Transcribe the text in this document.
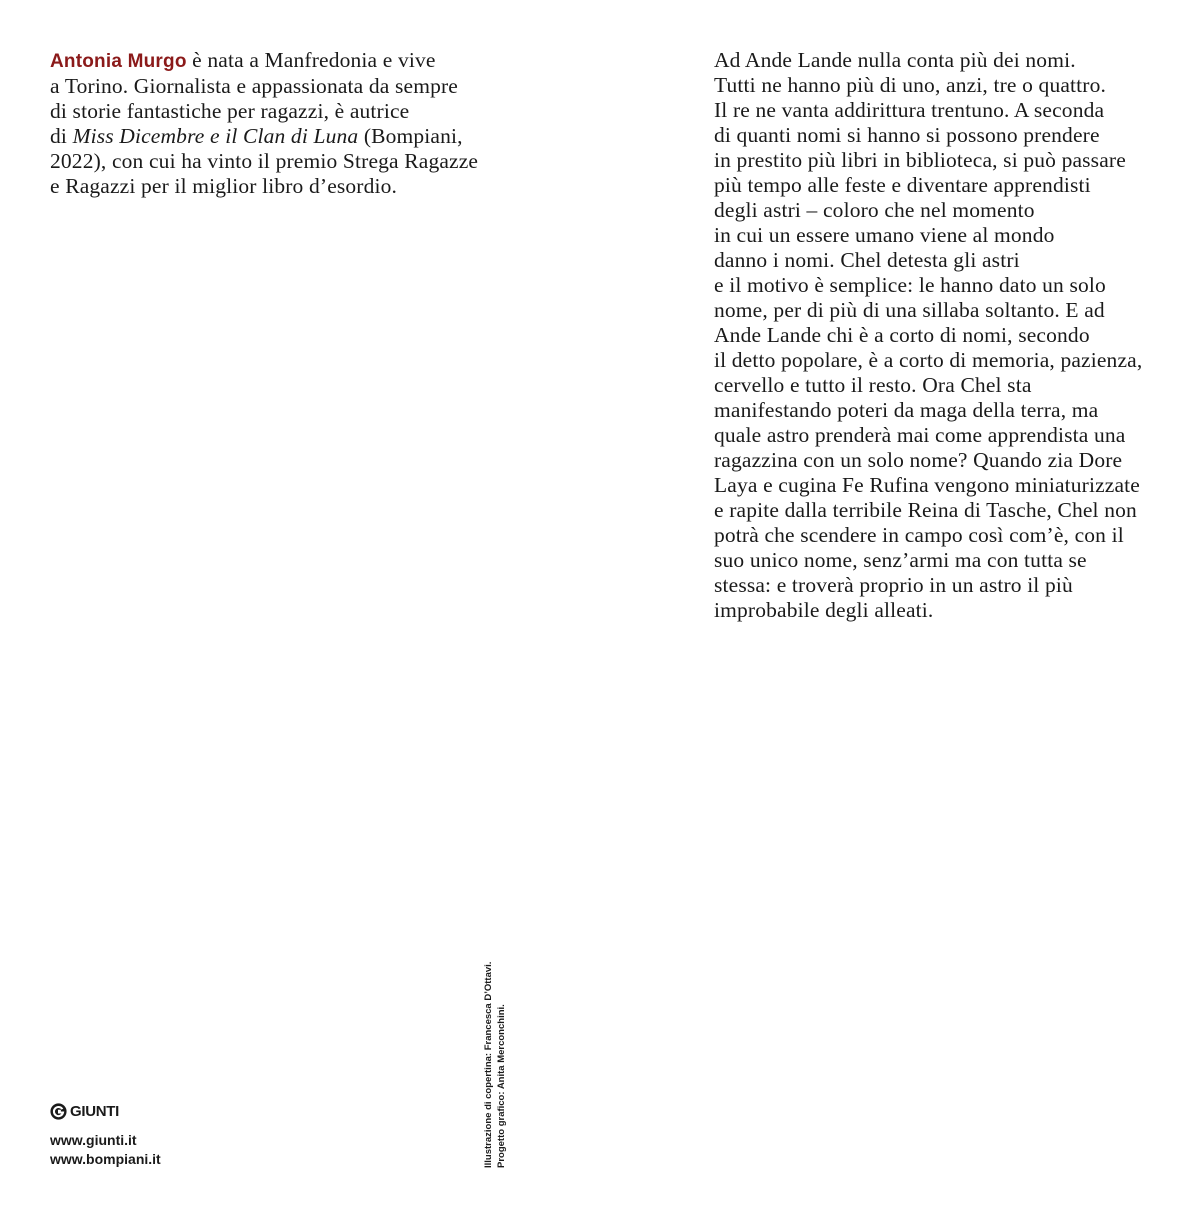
Antonia Murgo è nata a Manfredonia e vive
a Torino. Giornalista e appassionata da sempre
di storie fantastiche per ragazzi, è autrice
di Miss Dicembre e il Clan di Luna (Bompiani,
2022), con cui ha vinto il premio Strega Ragazze
e Ragazzi per il miglior libro d’esordio.

Ad Ande Lande nulla conta più dei nomi.
Tutti ne hanno più di uno, anzi, tre o quattro.
Il re ne vanta addirittura trentuno. A seconda
di quanti nomi si hanno si possono prendere
in prestito più libri in biblioteca, si può passare
più tempo alle feste e diventare apprendisti
degli astri – coloro che nel momento
in cui un essere umano viene al mondo
danno i nomi. Chel detesta gli astri
e il motivo è semplice: le hanno dato un solo
nome, per di più di una sillaba soltanto. E ad
Ande Lande chi è a corto di nomi, secondo
il detto popolare, è a corto di memoria, pazienza,
cervello e tutto il resto. Ora Chel sta
manifestando poteri da maga della terra, ma
quale astro prenderà mai come apprendista una
ragazzina con un solo nome? Quando zia Dore
Laya e cugina Fe Rufina vengono miniaturizzate
e rapite dalla terribile Reina di Tasche, Chel non
potrà che scendere in campo così com’è, con il
suo unico nome, senz’armi ma con tutta se
stessa: e troverà proprio in un astro il più
improbabile degli alleati.

Illustrazione di copertina: Francesca D’Ottavi. Progetto grafico: Anita Merconchini.
GIUNTI
www.giunti.it
www.bompiani.it
